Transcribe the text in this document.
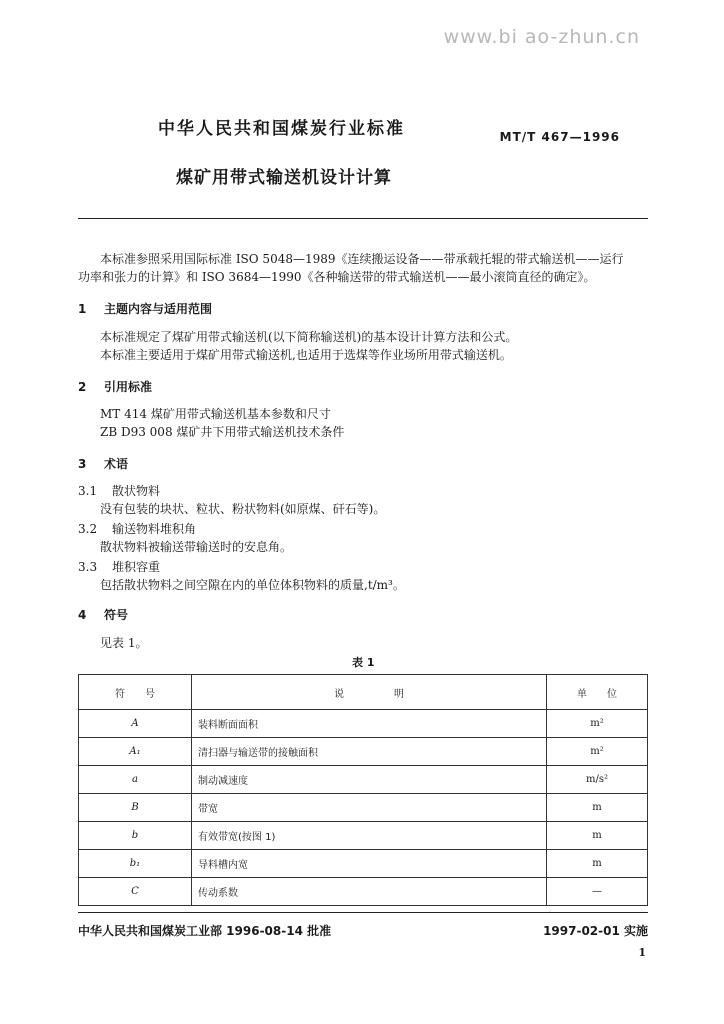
www.bi ao-zhun.cn
中华人民共和国煤炭行业标准	MT/T 467—1996
煤矿用带式输送机设计计算
本标准参照采用国际标准 ISO 5048—1989《连续搬运设备——带承载托辊的带式输送机——运行
功率和张力的计算》和 ISO 3684—1990《各种输送带的带式输送机——最小滚筒直径的确定》。
1 主题内容与适用范围
本标准规定了煤矿用带式输送机(以下简称输送机)的基本设计计算方法和公式。
本标准主要适用于煤矿用带式输送机,也适用于选煤等作业场所用带式输送机。
2 引用标准
MT 414 煤矿用带式输送机基本参数和尺寸
ZB D93 008 煤矿井下用带式输送机技术条件
3 术语
3.1 散状物料
没有包装的块状、粒状、粉状物料(如原煤、矸石等)。
3.2 输送物料堆积角
散状物料被输送带输送时的安息角。
3.3 堆积容重
包括散状物料之间空隙在内的单位体积物料的质量,t/m³。
4 符号
见表 1。
表 1
符　　号	说　　　　　明	单　　位
A	装料断面面积	m²
A₁	清扫器与输送带的接触面积	m²
a	制动减速度	m/s²
B	带宽	m
b	有效带宽(按图 1)	m
b₁	导料槽内宽	m
C	传动系数	—
中华人民共和国煤炭工业部 1996-08-14 批准	1997-02-01 实施
1
